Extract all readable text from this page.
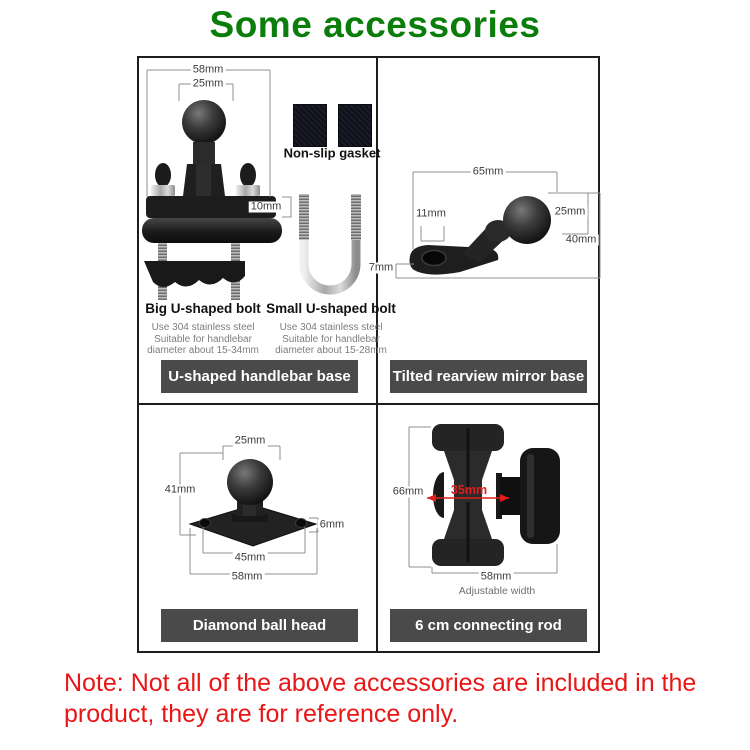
Some accessories
Non-slip gasket
Big U-shaped bolt Small U-shaped bolt
Use 304 stainless steel
Suitable for handlebar
diameter about 15-34mm
Use 304 stainless steel
Suitable for handlebar
diameter about 15-28mm
58mm
25mm
10mm
65mm
11mm	25mm
40mm
7mm
25mm
41mm
6mm
45mm
58mm
66mm 35mm
58mm
Adjustable width
U-shaped handlebar base	Tilted rearview mirror base
Diamond ball head	6 cm connecting rod
Note: Not all of the above accessories are included in the
product, they are for reference only.
